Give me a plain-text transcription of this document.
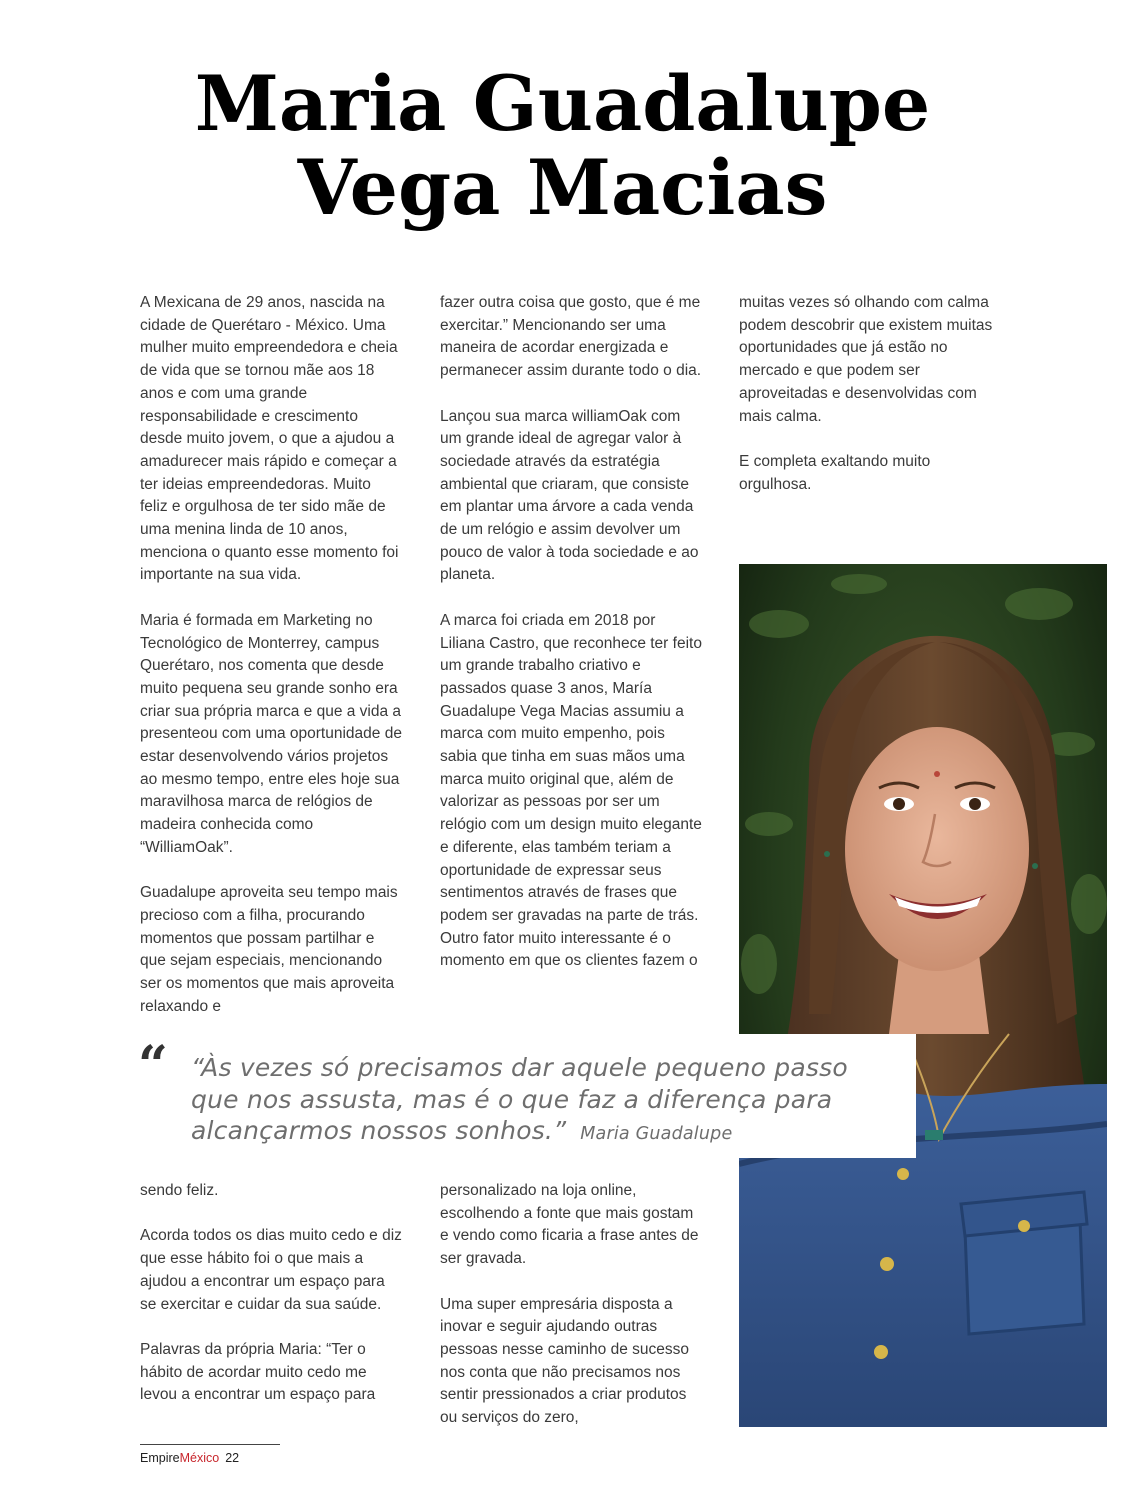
Maria Guadalupe
Vega Macias

A Mexicana de 29 anos, nascida na cidade de Querétaro - México. Uma mulher muito empreendedora e cheia de vida que se tornou mãe aos 18 anos e com uma grande responsabilidade e crescimento desde muito jovem, o que a ajudou a amadurecer mais rápido e começar a ter ideias empreendedoras. Muito feliz e orgulhosa de ter sido mãe de uma menina linda de 10 anos, menciona o quanto esse momento foi importante na sua vida.

Maria é formada em Marketing no Tecnológico de Monterrey, campus Querétaro, nos comenta que desde muito pequena seu grande sonho era criar sua própria marca e que a vida a presenteou com uma oportunidade de estar desenvolvendo vários projetos ao mesmo tempo, entre eles hoje sua maravilhosa marca de relógios de madeira conhecida como “WilliamOak”.

Guadalupe aproveita seu tempo mais precioso com a filha, procurando momentos que possam partilhar e que sejam especiais, mencionando ser os momentos que mais aproveita relaxando e

fazer outra coisa que gosto, que é me exercitar.” Mencionando ser uma maneira de acordar energizada e permanecer assim durante todo o dia.

Lançou sua marca williamOak com um grande ideal de agregar valor à sociedade através da estratégia ambiental que criaram, que consiste em plantar uma árvore a cada venda de um relógio e assim devolver um pouco de valor à toda sociedade e ao planeta.

A marca foi criada em 2018 por Liliana Castro, que reconhece ter feito um grande trabalho criativo e passados quase 3 anos, María Guadalupe Vega Macias assumiu a marca com muito empenho, pois sabia que tinha em suas mãos uma marca muito original que, além de valorizar as pessoas por ser um relógio com um design muito elegante e diferente, elas também teriam a oportunidade de expressar seus sentimentos através de frases que podem ser gravadas na parte de trás. Outro fator muito interessante é o momento em que os clientes fazem o

muitas vezes só olhando com calma podem descobrir que existem muitas oportunidades que já estão no mercado e que podem ser aproveitadas e desenvolvidas com mais calma.

E completa exaltando muito orgulhosa.

“ “Às vezes só precisamos dar aquele pequeno passo que nos assusta, mas é o que faz a diferença para alcançarmos nossos sonhos.” Maria Guadalupe

sendo feliz.

Acorda todos os dias muito cedo e diz que esse hábito foi o que mais a ajudou a encontrar um espaço para se exercitar e cuidar da sua saúde.

Palavras da própria Maria: “Ter o hábito de acordar muito cedo me levou a encontrar um espaço para

personalizado na loja online, escolhendo a fonte que mais gostam e vendo como ficaria a frase antes de ser gravada.

Uma super empresária disposta a inovar e seguir ajudando outras pessoas nesse caminho de sucesso nos conta que não precisamos nos sentir pressionados a criar produtos ou serviços do zero,

EmpireMéxico 22
